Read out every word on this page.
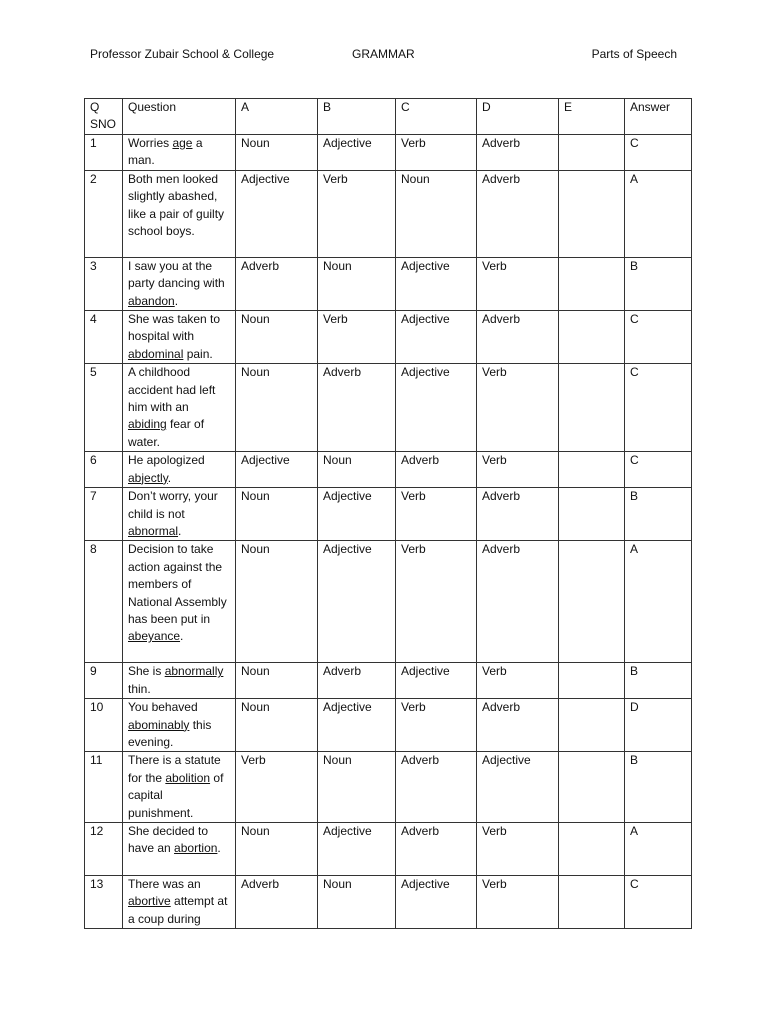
Professor Zubair School & College	GRAMMAR	Parts of Speech
Q SNO	Question	A	B	C	D	E	Answer
1	Worries age a man.	Noun	Adjective	Verb	Adverb		C
2	Both men looked slightly abashed, like a pair of guilty school boys.	Adjective	Verb	Noun	Adverb		A
3	I saw you at the party dancing with abandon.	Adverb	Noun	Adjective	Verb		B
4	She was taken to hospital with abdominal pain.	Noun	Verb	Adjective	Adverb		C
5	A childhood accident had left him with an abiding fear of water.	Noun	Adverb	Adjective	Verb		C
6	He apologized abjectly.	Adjective	Noun	Adverb	Verb		C
7	Don’t worry, your child is not abnormal.	Noun	Adjective	Verb	Adverb		B
8	Decision to take action against the members of National Assembly has been put in abeyance.	Noun	Adjective	Verb	Adverb		A
9	She is abnormally thin.	Noun	Adverb	Adjective	Verb		B
10	You behaved abominably this evening.	Noun	Adjective	Verb	Adverb		D
11	There is a statute for the abolition of capital punishment.	Verb	Noun	Adverb	Adjective		B
12	She decided to have an abortion.	Noun	Adjective	Adverb	Verb		A
13	There was an abortive attempt at a coup during	Adverb	Noun	Adjective	Verb		C
